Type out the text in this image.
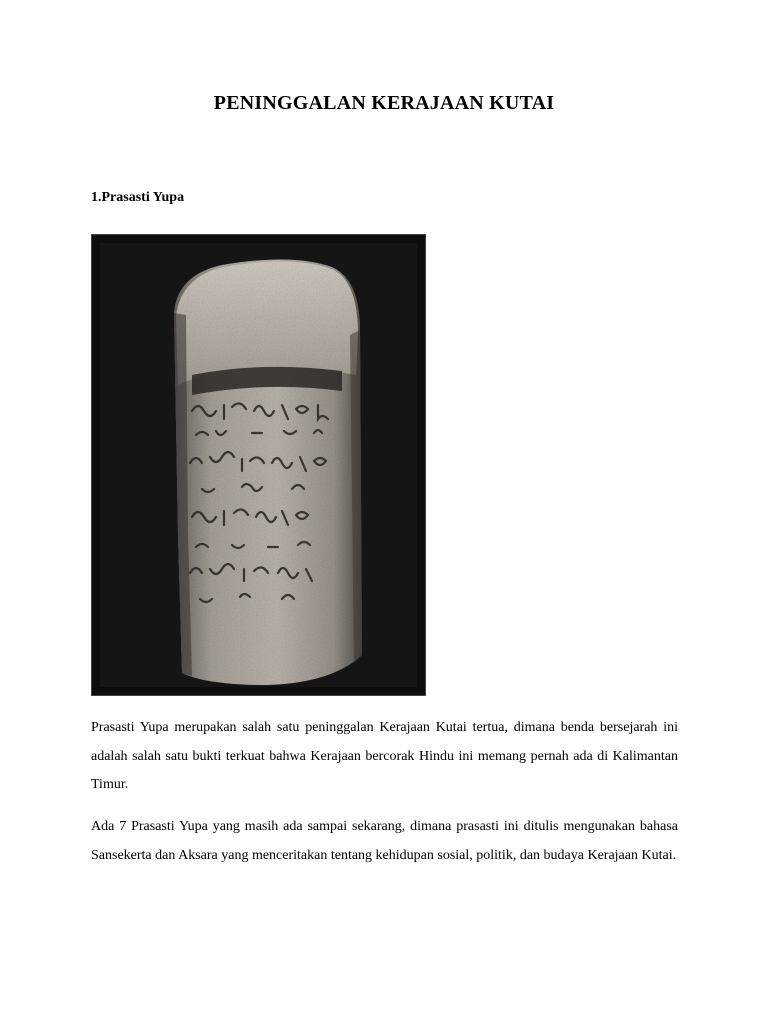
PENINGGALAN KERAJAAN KUTAI
1.Prasasti Yupa

Prasasti Yupa merupakan salah satu peninggalan Kerajaan Kutai tertua, dimana benda bersejarah ini adalah salah satu bukti terkuat bahwa Kerajaan bercorak Hindu ini memang pernah ada di Kalimantan Timur.

Ada 7 Prasasti Yupa yang masih ada sampai sekarang, dimana prasasti ini ditulis mengunakan bahasa Sansekerta dan Aksara yang menceritakan tentang kehidupan sosial, politik, dan budaya Kerajaan Kutai.
